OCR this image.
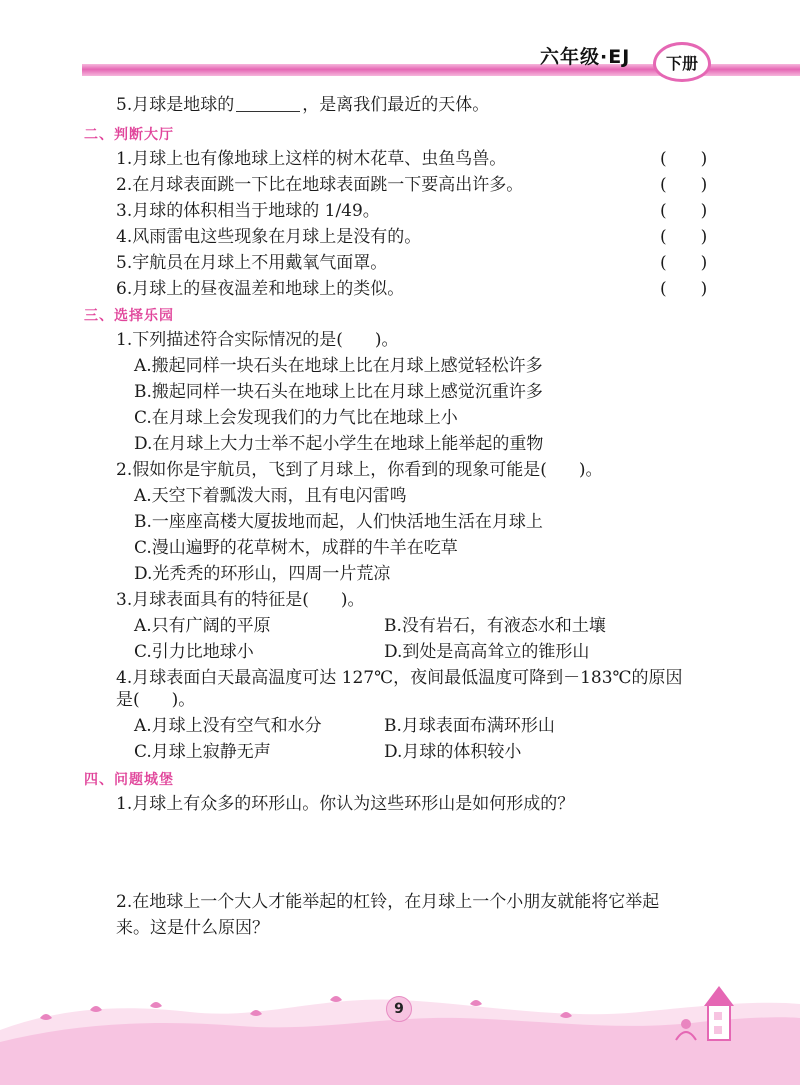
六年级·EJ	下册
5.月球是地球的	，是离我们最近的天体。
二、判断大厅
1.月球上也有像地球上这样的树木花草、虫鱼鸟兽。	(　　)
2.在月球表面跳一下比在地球表面跳一下要高出许多。	(　　)
3.月球的体积相当于地球的 1/49。	(　　)
4.风雨雷电这些现象在月球上是没有的。	(　　)
5.宇航员在月球上不用戴氧气面罩。	(　　)
6.月球上的昼夜温差和地球上的类似。	(　　)
三、选择乐园
1.下列描述符合实际情况的是( )。
A.搬起同样一块石头在地球上比在月球上感觉轻松许多
B.搬起同样一块石头在地球上比在月球上感觉沉重许多
C.在月球上会发现我们的力气比在地球上小
D.在月球上大力士举不起小学生在地球上能举起的重物
2.假如你是宇航员，飞到了月球上，你看到的现象可能是( )。
A.天空下着瓢泼大雨，且有电闪雷鸣
B.一座座高楼大厦拔地而起，人们快活地生活在月球上
C.漫山遍野的花草树木，成群的牛羊在吃草
D.光秃秃的环形山，四周一片荒凉
3.月球表面具有的特征是( )。
A.只有广阔的平原	B.没有岩石，有液态水和土壤
C.引力比地球小	D.到处是高高耸立的锥形山
4.月球表面白天最高温度可达 127℃，夜间最低温度可降到－183℃的原因
是( )。
A.月球上没有空气和水分	B.月球表面布满环形山
C.月球上寂静无声	D.月球的体积较小
四、问题城堡
1.月球上有众多的环形山。你认为这些环形山是如何形成的？
2.在地球上一个大人才能举起的杠铃，在月球上一个小朋友就能将它举起
来。这是什么原因？
9
